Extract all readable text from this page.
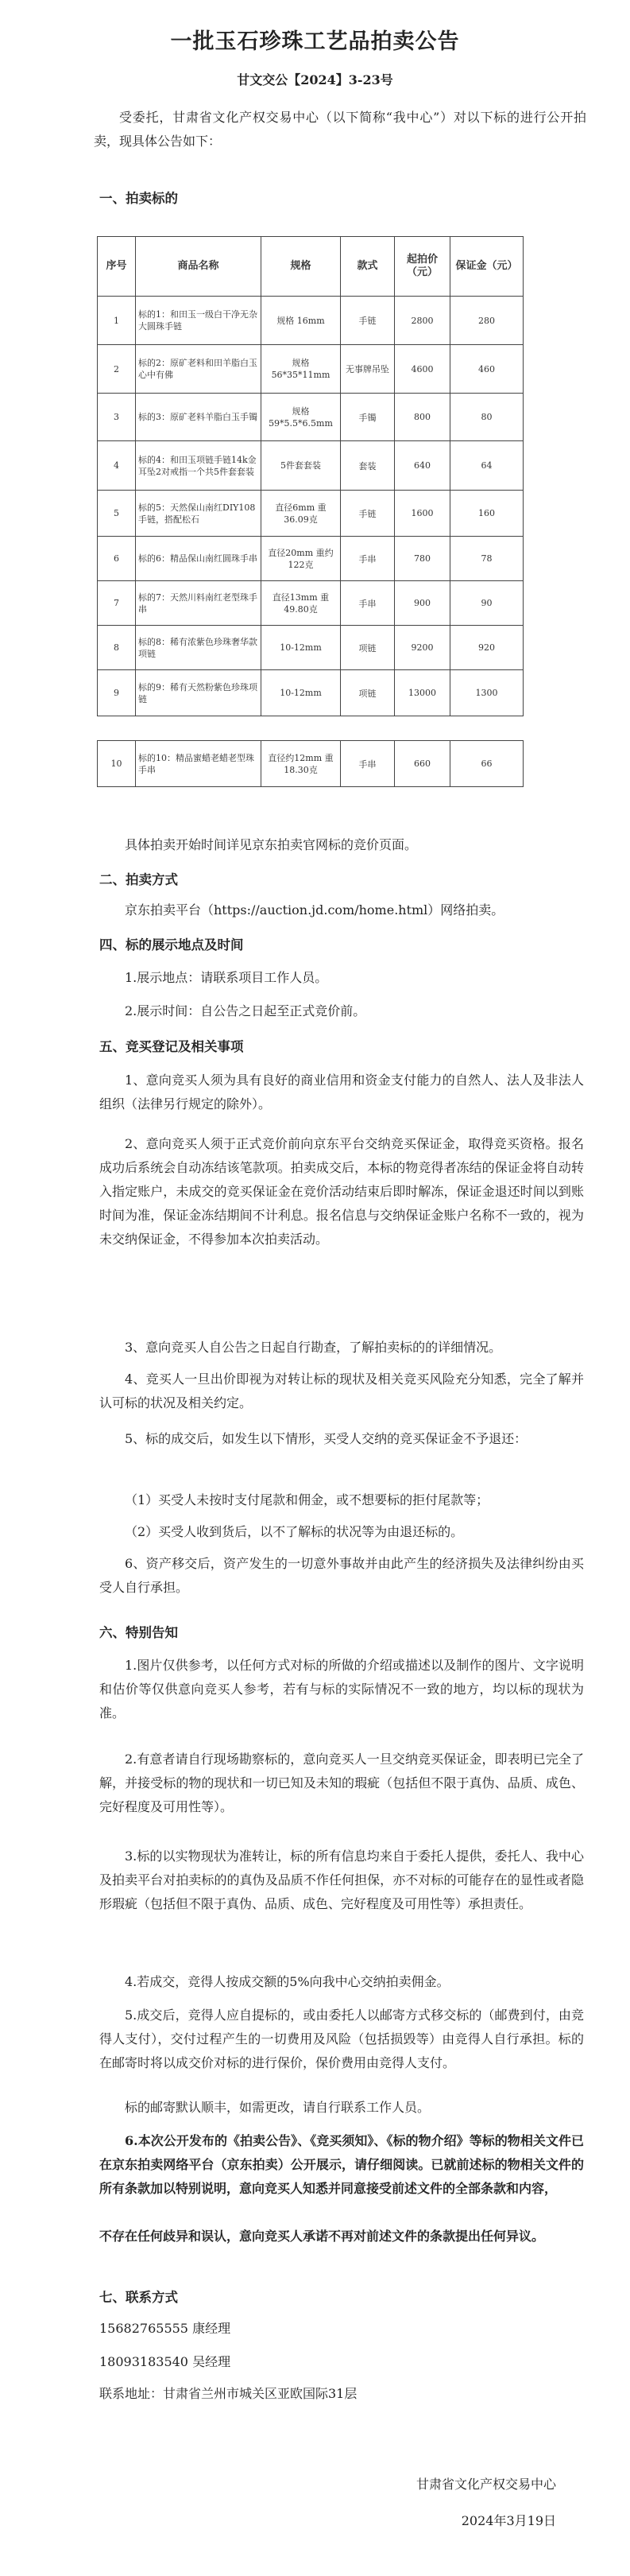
一批玉石珍珠工艺品拍卖公告
甘文交公【2024】3-23号
受委托，甘肃省文化产权交易中心（以下简称“我中心”）对以下标的进行公开拍卖，现具体公告如下：
一、拍卖标的
序号	商品名称	规格	款式	起拍价（元）	保证金（元）
1	标的1：和田玉一级白干净无杂大圆珠手链	规格 16mm	手链	2800	280
2	标的2：原矿老料和田羊脂白玉心中有佛	规格 56*35*11mm	无事牌吊坠	4600	460
3	标的3：原矿老料羊脂白玉手镯	规格 59*5.5*6.5mm	手镯	800	80
4	标的4：和田玉项链手链14k金耳坠2对戒指一个共5件套套装	5件套套装	套装	640	64
5	标的5：天然保山南红DIY108手链，搭配松石	直径6mm 重36.09克	手链	1600	160
6	标的6：精品保山南红圆珠手串	直径20mm 重约122克	手串	780	78
7	标的7：天然川料南红老型珠手串	直径13mm 重49.80克	手串	900	90
8	标的8：稀有浓紫色珍珠奢华款项链	10-12mm	项链	9200	920
9	标的9：稀有天然粉紫色珍珠项链	10-12mm	项链	13000	1300

10	标的10：精品蜜蜡老蜡老型珠手串	直径约12mm 重18.30克	手串	660	66
具体拍卖开始时间详见京东拍卖官网标的竞价页面。
二、拍卖方式
京东拍卖平台（https://auction.jd.com/home.html）网络拍卖。
四、标的展示地点及时间
1.展示地点：请联系项目工作人员。
2.展示时间：自公告之日起至正式竞价前。
五、竞买登记及相关事项
1、意向竞买人须为具有良好的商业信用和资金支付能力的自然人、法人及非法人组织（法律另行规定的除外）。
2、意向竞买人须于正式竞价前向京东平台交纳竞买保证金，取得竞买资格。报名成功后系统会自动冻结该笔款项。拍卖成交后，本标的物竞得者冻结的保证金将自动转入指定账户，未成交的竞买保证金在竞价活动结束后即时解冻，保证金退还时间以到账时间为准，保证金冻结期间不计利息。报名信息与交纳保证金账户名称不一致的，视为未交纳保证金，不得参加本次拍卖活动。
3、意向竞买人自公告之日起自行勘查，了解拍卖标的的详细情况。
4、竞买人一旦出价即视为对转让标的现状及相关竞买风险充分知悉，完全了解并认可标的状况及相关约定。
5、标的成交后，如发生以下情形，买受人交纳的竞买保证金不予退还：
（1）买受人未按时支付尾款和佣金，或不想要标的拒付尾款等；
（2）买受人收到货后，以不了解标的状况等为由退还标的。
6、资产移交后，资产发生的一切意外事故并由此产生的经济损失及法律纠纷由买受人自行承担。
六、特别告知
1.图片仅供参考，以任何方式对标的所做的介绍或描述以及制作的图片、文字说明和估价等仅供意向竞买人参考，若有与标的实际情况不一致的地方，均以标的现状为准。
2.有意者请自行现场勘察标的，意向竞买人一旦交纳竞买保证金，即表明已完全了解，并接受标的物的现状和一切已知及未知的瑕疵（包括但不限于真伪、品质、成色、完好程度及可用性等）。
3.标的以实物现状为准转让，标的所有信息均来自于委托人提供，委托人、我中心及拍卖平台对拍卖标的的真伪及品质不作任何担保，亦不对标的可能存在的显性或者隐形瑕疵（包括但不限于真伪、品质、成色、完好程度及可用性等）承担责任。
4.若成交，竞得人按成交额的5%向我中心交纳拍卖佣金。
5.成交后，竞得人应自提标的，或由委托人以邮寄方式移交标的（邮费到付，由竞得人支付），交付过程产生的一切费用及风险（包括损毁等）由竞得人自行承担。标的在邮寄时将以成交价对标的进行保价，保价费用由竞得人支付。
标的邮寄默认顺丰，如需更改，请自行联系工作人员。
6.本次公开发布的《拍卖公告》、《竞买须知》、《标的物介绍》等标的物相关文件已在京东拍卖网络平台（京东拍卖）公开展示，请仔细阅读。已就前述标的物相关文件的所有条款加以特别说明，意向竞买人知悉并同意接受前述文件的全部条款和内容，
不存在任何歧异和误认，意向竞买人承诺不再对前述文件的条款提出任何异议。
七、联系方式
15682765555 康经理
18093183540 吴经理
联系地址：甘肃省兰州市城关区亚欧国际31层
甘肃省文化产权交易中心
2024年3月19日
